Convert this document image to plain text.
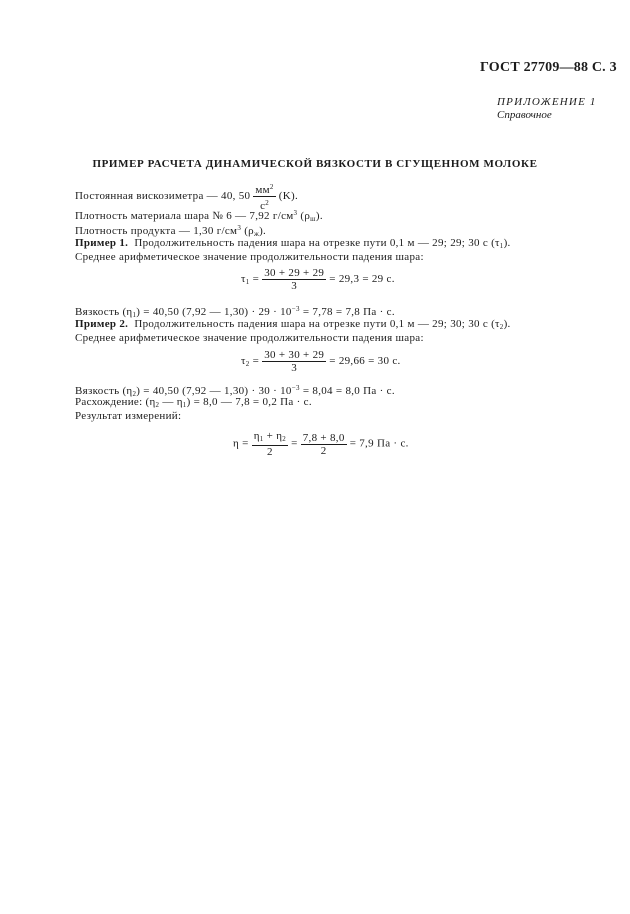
ГОСТ 27709—88 С. 3
ПРИЛОЖЕНИЕ 1
Справочное
ПРИМЕР РАСЧЕТА ДИНАМИЧЕСКОЙ ВЯЗКОСТИ В СГУЩЕННОМ МОЛОКЕ
Постоянная вискозиметра — 40, $50 \frac{мм^2}{с^2} (K)$.
Плотность материала шара № 6 — 7,92 $г/см^3$ $(\rho_ш)$.
Плотность продукта — 1,30 $г/см^3$ $(\rho_ж)$.
Пример 1. Продолжительность падения шара на отрезке пути 0,1 м — 29; 29; 30 с $(\tau_1)$.
Среднее арифметическое значение продолжительности падения шара:
$\tau_1 = \frac{30 + 29 + 29}{3} = 29,3 = 29$ с.
Вязкость $(\eta_1) = 40,50$ (7,92 — $1,30) \cdot 29 \cdot 10^{-3} = 7,78 = 7,8$ Па · с.
Пример 2. Продолжительность падения шара на отрезке пути 0,1 м — 29; 30; 30 с $(\tau_2)$.
Среднее арифметическое значение продолжительности падения шара:
$\tau_2 = \frac{30 + 30 + 29}{3} = 29,66 = 30$ с.
Вязкость $(\eta_2) = 40,50$ (7,92 — $1,30) \cdot 30 \cdot 10^{-3} = 8,04 = 8,0$ Па · с.
Расхождение: ($\eta_2$ — $\eta_1) = 8,0$ — 7,8 = 0,2 Па · с.
Результат измерений:
$\eta = \frac{\eta_1 + \eta_2}{2} = \frac{7,8 + 8,0}{2} = 7,9$ Па · с.
